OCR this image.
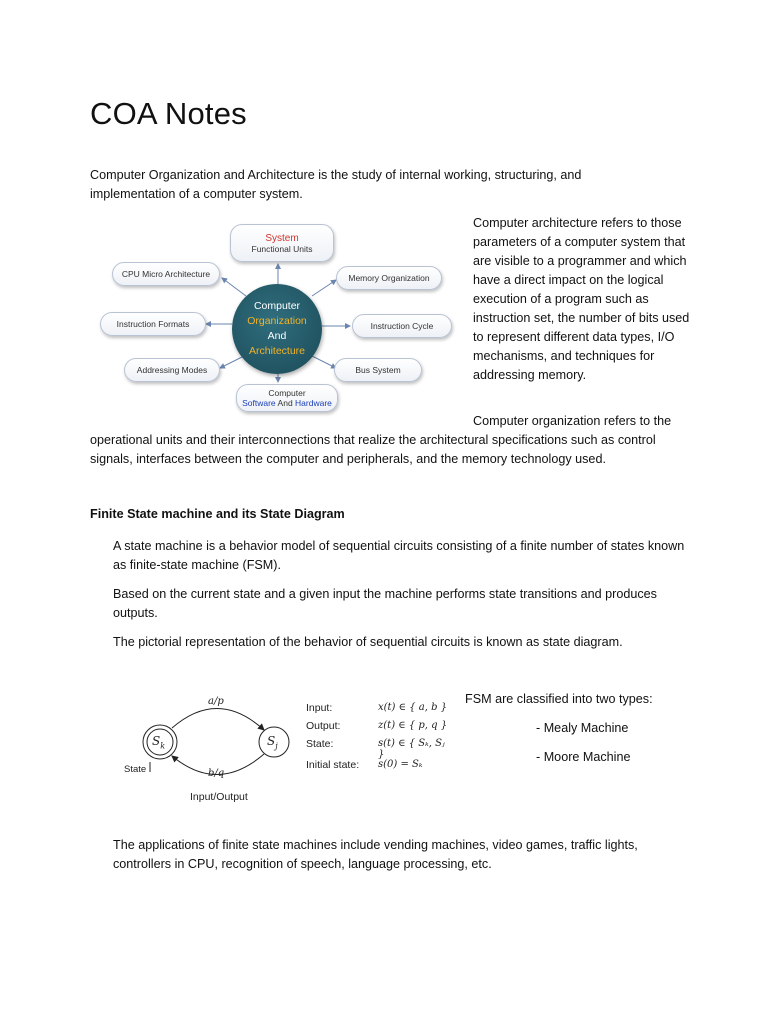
COA Notes
Computer Organization and Architecture is the study of internal working, structuring, and implementation of a computer system.
System
Functional Units
CPU Micro Architecture	Memory Organization
Instruction Formats	Instruction Cycle
Addressing Modes	Bus System
Computer
Software And Hardware
Computer
Organization
And
Architecture
Computer architecture refers to those parameters of a computer system that are visible to a programmer and which have a direct impact on the logical execution of a program such as instruction set, the number of bits used to represent different data types, I/O mechanisms, and techniques for addressing memory.
Computer organization refers to the
operational units and their interconnections that realize the architectural specifications such as control signals, interfaces between the computer and peripherals, and the memory technology used.
Finite State machine and its State Diagram
A state machine is a behavior model of sequential circuits consisting of a finite number of states known as finite-state machine (FSM).
Based on the current state and a given input the machine performs state transitions and produces outputs.
The pictorial representation of the behavior of sequential circuits is known as state diagram.
a/p
b/q
$S_k$	$S_j$
State
Input/Output
Input:	x(t) ∈ { a, b }
Output:	z(t) ∈ { p, q }
State:	s(t) ∈ { Sₖ, Sⱼ }
Initial state: s(0) = Sₖ
FSM are classified into two types:
- Mealy Machine
- Moore Machine
The applications of finite state machines include vending machines, video games, traffic lights, controllers in CPU, recognition of speech, language processing, etc.
